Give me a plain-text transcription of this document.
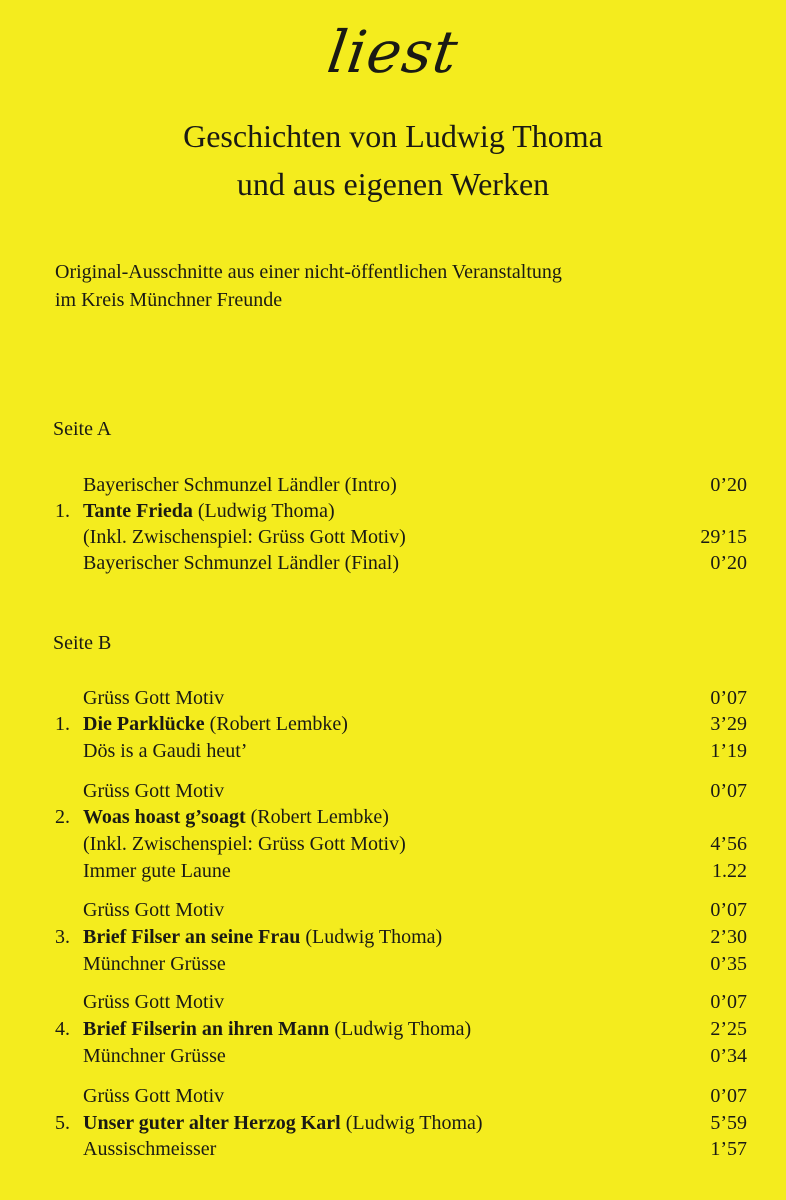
liest
Geschichten von Ludwig Thoma
und aus eigenen Werken
Original-Ausschnitte aus einer nicht-öffentlichen Veranstaltung
im Kreis Münchner Freunde
Seite A
Bayerischer Schmunzel Ländler (Intro)	0’20
1. Tante Frieda (Ludwig Thoma)
(Inkl. Zwischenspiel: Grüss Gott Motiv)	29’15
Bayerischer Schmunzel Ländler (Final)	0’20
Seite B
Grüss Gott Motiv	0’07
1. Die Parklücke (Robert Lembke)	3’29
Dös is a Gaudi heut’	1’19
Grüss Gott Motiv	0’07
2. Woas hoast g’soagt (Robert Lembke)
(Inkl. Zwischenspiel: Grüss Gott Motiv)	4’56
Immer gute Laune	1.22
Grüss Gott Motiv	0’07
3. Brief Filser an seine Frau (Ludwig Thoma)	2’30
Münchner Grüsse	0’35
Grüss Gott Motiv	0’07
4. Brief Filserin an ihren Mann (Ludwig Thoma)	2’25
Münchner Grüsse	0’34
Grüss Gott Motiv	0’07
5. Unser guter alter Herzog Karl (Ludwig Thoma)	5’59
Aussischmeisser	1’57
